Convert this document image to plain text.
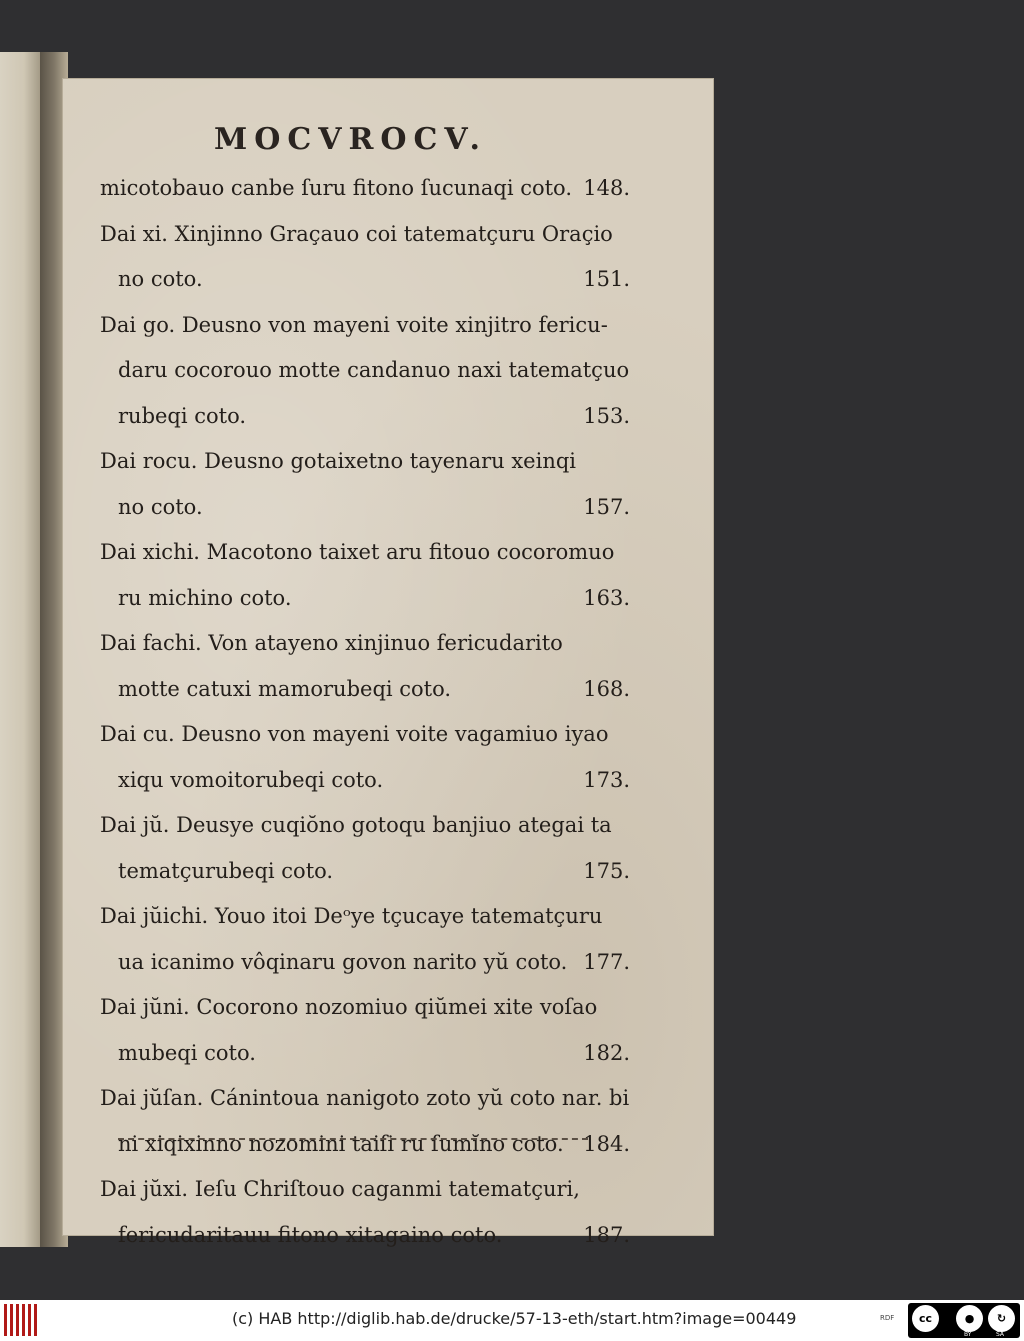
MOCVROCV.
micotobauo canbe ſuru fitono ſucunaqi coto. 148.
Dai xi. Xinjinno Graçauo coi tatematçuru Oraçio
no coto.	151.
Dai go. Deusno von mayeni voite xinjitro fericu-
daru cocorouo motte candanuo naxi tatematçuo
rubeqi coto.	153.
Dai rocu. Deusno gotaixetno tayenaru xeinqi
no coto.	157.
Dai xichi. Macotono taixet aru fitouo cocoromuo
ru michino coto.	163.
Dai fachi. Von atayeno xinjinuo fericudarito
motte catuxi mamorubeqi coto.	168.
Dai cu. Deusno von mayeni voite vagamiuo iyao
xiqu vomoitorubeqi coto.	173.
Dai jŭ. Deusye cuqiŏno gotoqu banjiuo ategai ta
tematçurubeqi coto.	175.
Dai jŭichi. Youo itoi Deᵒye tçucaye tatematçuru
ua icanimo vôqinaru govon narito yŭ coto. 177.
Dai jŭni. Cocorono nozomiuo qiŭmei xite voſao
mubeqi coto.	182.
Dai jŭſan. Cánintoua nanigoto zoto yŭ coto nar. bi
ni xiqixinno nozomini taiſi ru ſumĭno coto. 184.
Dai jŭxi. Ieſu Chriſtouo caganmi tatematçuri,
fericudaritauu fitono xitagaino coto.	187.
(c) HAB http://diglib.hab.de/drucke/57-13-eth/start.htm?image=00449	RDF	cc	●	↻
BY	SA
